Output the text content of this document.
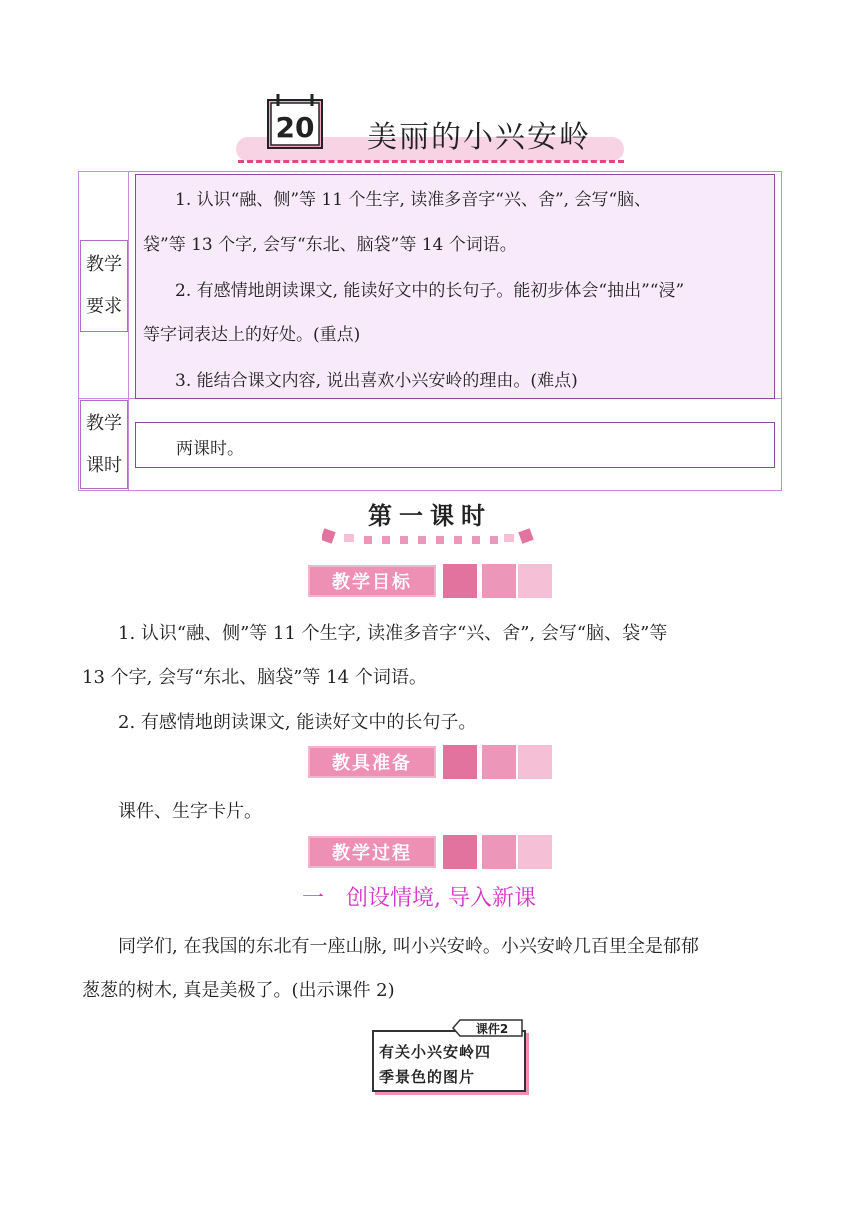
20 美丽的小兴安岭
教学
要求
1. 认识“融、侧”等 11 个生字, 读准多音字“兴、舍”, 会写“脑、
袋”等 13 个字, 会写“东北、脑袋”等 14 个词语。
2. 有感情地朗读课文, 能读好文中的长句子。能初步体会“抽出”“浸”
等字词表达上的好处。(重点)
3. 能结合课文内容, 说出喜欢小兴安岭的理由。(难点)
教学
课时
两课时。
第一课时
教学目标
1. 认识“融、侧”等 11 个生字, 读准多音字“兴、舍”, 会写“脑、袋”等
13 个字, 会写“东北、脑袋”等 14 个词语。
2. 有感情地朗读课文, 能读好文中的长句子。
教具准备
课件、生字卡片。
教学过程
一　创设情境, 导入新课
同学们, 在我国的东北有一座山脉, 叫小兴安岭。小兴安岭几百里全是郁郁
葱葱的树木, 真是美极了。(出示课件 2)
课件2
有关小兴安岭四
季景色的图片
